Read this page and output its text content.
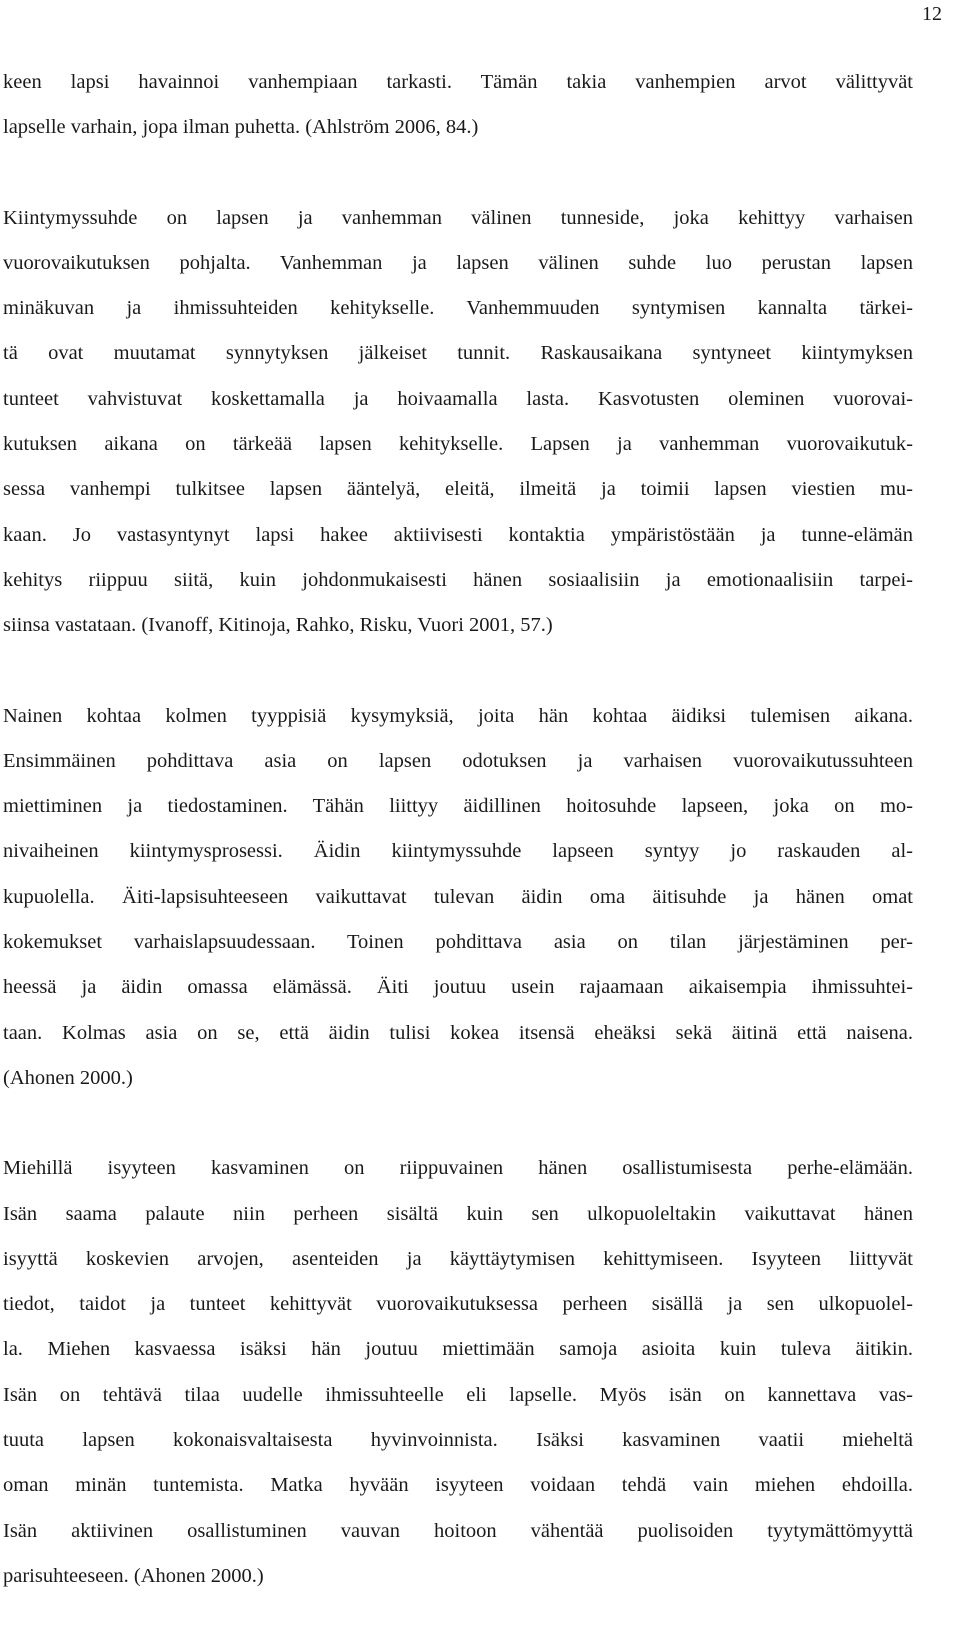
12

keen lapsi havainnoi vanhempiaan tarkasti. Tämän takia vanhempien arvot välittyvät
lapselle varhain, jopa ilman puhetta. (Ahlström 2006, 84.)

Kiintymyssuhde on lapsen ja vanhemman välinen tunneside, joka kehittyy varhaisen
vuorovaikutuksen pohjalta. Vanhemman ja lapsen välinen suhde luo perustan lapsen
minäkuvan ja ihmissuhteiden kehitykselle. Vanhemmuuden syntymisen kannalta tärkei-
tä ovat muutamat synnytyksen jälkeiset tunnit. Raskausaikana syntyneet kiintymyksen
tunteet vahvistuvat koskettamalla ja hoivaamalla lasta. Kasvotusten oleminen vuorovai-
kutuksen aikana on tärkeää lapsen kehitykselle. Lapsen ja vanhemman vuorovaikutuk-
sessa vanhempi tulkitsee lapsen ääntelyä, eleitä, ilmeitä ja toimii lapsen viestien mu-
kaan. Jo vastasyntynyt lapsi hakee aktiivisesti kontaktia ympäristöstään ja tunne-elämän
kehitys riippuu siitä, kuin johdonmukaisesti hänen sosiaalisiin ja emotionaalisiin tarpei-
siinsa vastataan. (Ivanoff, Kitinoja, Rahko, Risku, Vuori 2001, 57.)

Nainen kohtaa kolmen tyyppisiä kysymyksiä, joita hän kohtaa äidiksi tulemisen aikana.
Ensimmäinen pohdittava asia on lapsen odotuksen ja varhaisen vuorovaikutussuhteen
miettiminen ja tiedostaminen. Tähän liittyy äidillinen hoitosuhde lapseen, joka on mo-
nivaiheinen kiintymysprosessi. Äidin kiintymyssuhde lapseen syntyy jo raskauden al-
kupuolella. Äiti-lapsisuhteeseen vaikuttavat tulevan äidin oma äitisuhde ja hänen omat
kokemukset varhaislapsuudessaan. Toinen pohdittava asia on tilan järjestäminen per-
heessä ja äidin omassa elämässä. Äiti joutuu usein rajaamaan aikaisempia ihmissuhtei-
taan. Kolmas asia on se, että äidin tulisi kokea itsensä eheäksi sekä äitinä että naisena.
(Ahonen 2000.)

Miehillä isyyteen kasvaminen on riippuvainen hänen osallistumisesta perhe-elämään.
Isän saama palaute niin perheen sisältä kuin sen ulkopuoleltakin vaikuttavat hänen
isyyttä koskevien arvojen, asenteiden ja käyttäytymisen kehittymiseen. Isyyteen liittyvät
tiedot, taidot ja tunteet kehittyvät vuorovaikutuksessa perheen sisällä ja sen ulkopuolel-
la. Miehen kasvaessa isäksi hän joutuu miettimään samoja asioita kuin tuleva äitikin.
Isän on tehtävä tilaa uudelle ihmissuhteelle eli lapselle. Myös isän on kannettava vas-
tuuta lapsen kokonaisvaltaisesta hyvinvoinnista. Isäksi kasvaminen vaatii mieheltä
oman minän tuntemista. Matka hyvään isyyteen voidaan tehdä vain miehen ehdoilla.
Isän aktiivinen osallistuminen vauvan hoitoon vähentää puolisoiden tyytymättömyyttä
parisuhteeseen. (Ahonen 2000.)
